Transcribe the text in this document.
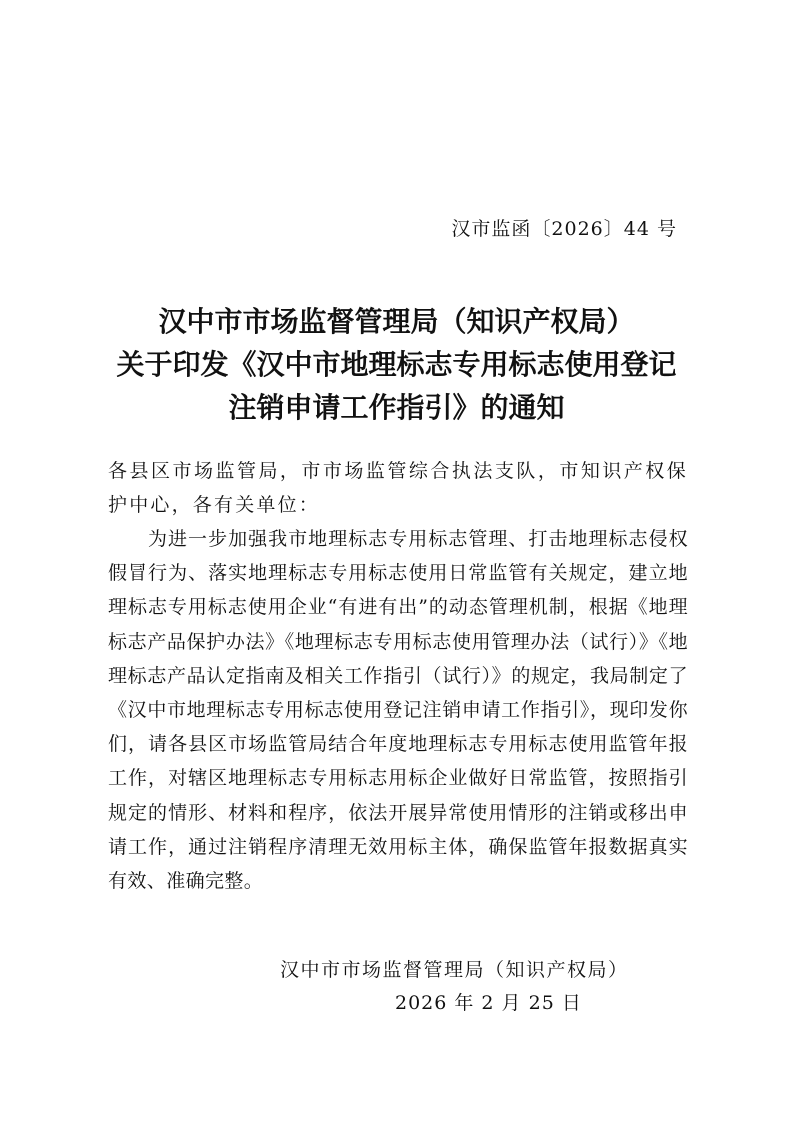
汉市监函〔2026〕44 号
汉中市市场监督管理局（知识产权局）
关于印发《汉中市地理标志专用标志使用登记
注销申请工作指引》的通知
各县区市场监管局，市市场监管综合执法支队，市知识产权保护中心，各有关单位：
为进一步加强我市地理标志专用标志管理、打击地理标志侵权假冒行为、落实地理标志专用标志使用日常监管有关规定，建立地理标志专用标志使用企业“有进有出”的动态管理机制，根据《地理标志产品保护办法》《地理标志专用标志使用管理办法（试行）》《地理标志产品认定指南及相关工作指引（试行）》的规定，我局制定了《汉中市地理标志专用标志使用登记注销申请工作指引》，现印发你们，请各县区市场监管局结合年度地理标志专用标志使用监管年报工作，对辖区地理标志专用标志用标企业做好日常监管，按照指引规定的情形、材料和程序，依法开展异常使用情形的注销或移出申请工作，通过注销程序清理无效用标主体，确保监管年报数据真实有效、准确完整。
汉中市市场监督管理局（知识产权局）
2026 年 2 月 25 日
